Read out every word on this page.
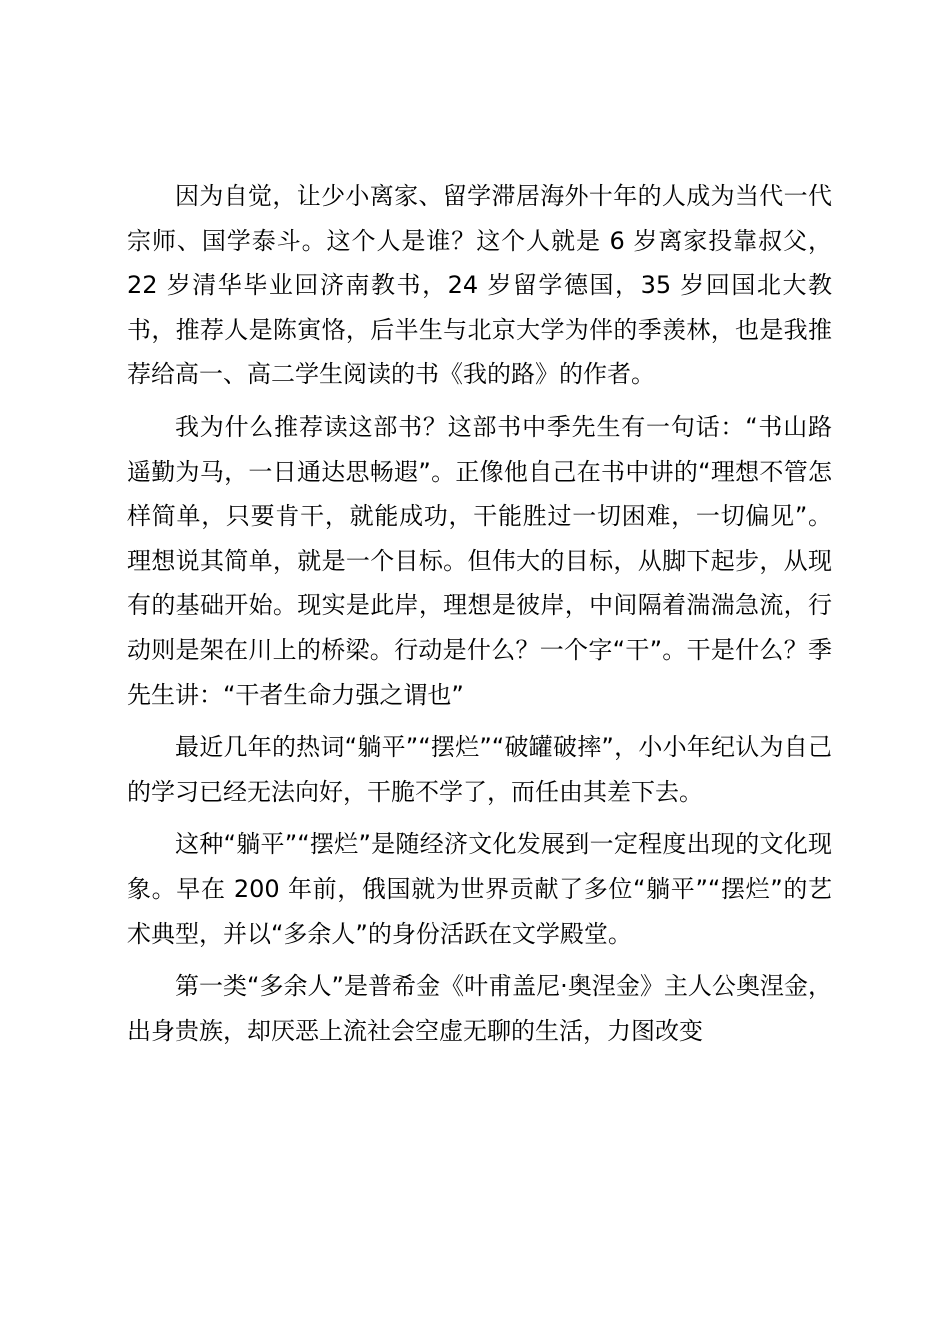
因为自觉，让少小离家、留学滞居海外十年的人成为当代一代宗师、国学泰斗。这个人是谁？这个人就是 6 岁离家投靠叔父，22 岁清华毕业回济南教书，24 岁留学德国，35 岁回国北大教书，推荐人是陈寅恪，后半生与北京大学为伴的季羡林，也是我推荐给高一、高二学生阅读的书《我的路》的作者。

我为什么推荐读这部书？这部书中季先生有一句话：“书山路遥勤为马，一日通达思畅遐”。正像他自己在书中讲的“理想不管怎样简单，只要肯干，就能成功，干能胜过一切困难，一切偏见”。理想说其简单，就是一个目标。但伟大的目标，从脚下起步，从现有的基础开始。现实是此岸，理想是彼岸，中间隔着湍湍急流，行动则是架在川上的桥梁。行动是什么？一个字“干”。干是什么？季先生讲：“干者生命力强之谓也”

最近几年的热词“躺平”“摆烂”“破罐破摔”，小小年纪认为自己的学习已经无法向好，干脆不学了，而任由其差下去。

这种“躺平”“摆烂”是随经济文化发展到一定程度出现的文化现象。早在 200 年前，俄国就为世界贡献了多位“躺平”“摆烂”的艺术典型，并以“多余人”的身份活跃在文学殿堂。

第一类“多余人”是普希金《叶甫盖尼·奥涅金》主人公奥涅金，出身贵族，却厌恶上流社会空虚无聊的生活，力图改变
